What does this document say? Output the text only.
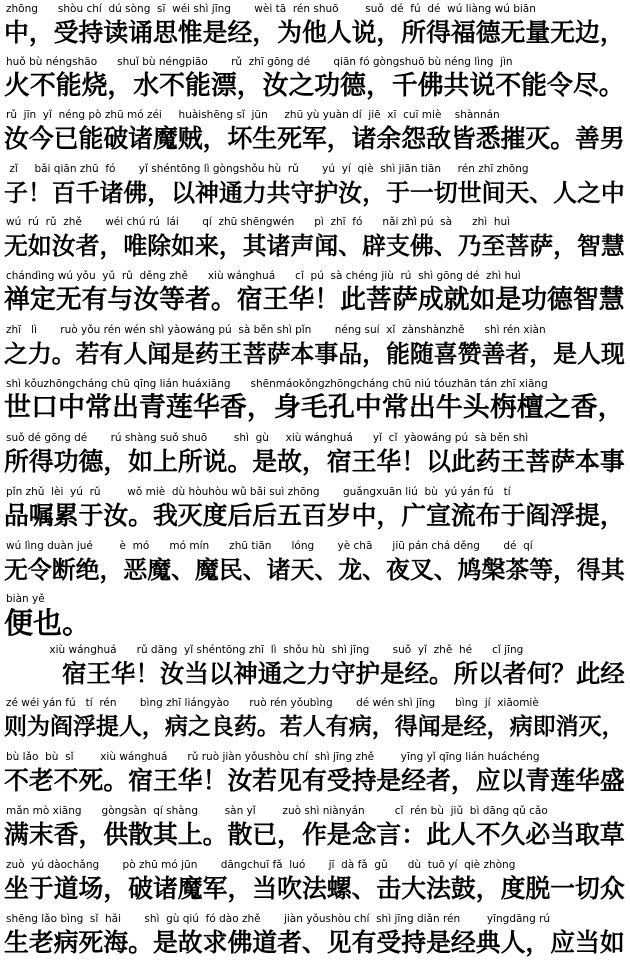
zhōng      shòu chí  dú sòng  sī  wéi shì jīng       wèi tā  rén shuō        suǒ  dé  fú  dé  wú liàng wú biān
中，受持读诵思惟是经，为他人说，所得福德无量无边，
huǒ bù néngshāo      shuǐ bù néngpiāo       rǔ  zhī gōng dé       qiān fó gòngshuō bù néng lìng  jìn
火不能烧，水不能漂，汝之功德，千佛共说不能令尽。
rǔ  jīn  yǐ  néng pò zhū mó zéi     huàishēng sǐ  jūn     zhū yù yuàn dí  jiē  xī  cuī miè    shànnán
汝今已能破诸魔贼，坏生死军，诸余怨敌皆悉摧灭。善男
zǐ     bǎi qiān zhū  fó       yǐ shéntōng lì gòngshǒu hù  rǔ       yú  yí  qiè  shì jiān tiān     rén zhī zhōng
子！百千诸佛，以神通力共守护汝，于一切世间天、人之中
wú  rú  rǔ  zhě       wéi chú rú  lái       qí  zhū shēngwén      pì  zhī  fó      nǎi zhì pú  sà      zhì  huì
无如汝者，唯除如来，其诸声闻、辟支佛、乃至菩萨，智慧
chándìng wú yǒu  yǔ  rǔ  děng zhě      xiù wánghuá      cǐ  pú  sà chéng jiù  rú  shì gōng dé  zhì huì
禅定无有与汝等者。宿王华！此菩萨成就如是功德智慧
zhī   lì       ruò yǒu rén wén shì yàowáng pú  sà běn shì pǐn       néng suí  xǐ  zànshànzhě      shì rén xiàn
之力。若有人闻是药王菩萨本事品，能随喜赞善者，是人现
shì kǒuzhōngcháng chū qīng lián huáxiāng      shēnmáokǒngzhōngcháng chū niú tóuzhān tán zhī xiāng
世口中常出青莲华香，身毛孔中常出牛头栴檀之香，
suǒ dé gōng dé       rú shàng suǒ shuō        shì  gù     xiù wánghuá      yǐ  cǐ  yàowáng pú  sà běn shì
所得功德，如上所说。是故，宿王华！以此药王菩萨本事
pǐn zhǔ  lèi  yú  rǔ        wǒ miè  dù hòuhòu wǔ bǎi suì zhōng       guǎngxuān liú  bù  yú yán fú   tí
品嘱累于汝。我灭度后后五百岁中，广宣流布于阎浮提，
wú lìng duàn jué        è  mó      mó mín      zhū tiān      lóng       yè chā      jiū pán chá děng       dé  qí
无令断绝，恶魔、魔民、诸天、龙、夜叉、鸠槃茶等，得其
biàn yě
便也。
xiù wánghuá      rǔ dāng  yǐ shéntōng zhī  lì  shǒu hù  shì jīng       suǒ  yǐ  zhě  hé      cǐ jīng
宿王华！汝当以神通之力守护是经。所以者何？此经
zé wéi yán fú   tí  rén       bìng zhī liángyào      ruò rén yǒubìng       dé wén shì jīng      bìng  jí  xiāomiè
则为阎浮提人，病之良药。若人有病，得闻是经，病即消灭，
bù lǎo  bù  sǐ        xiù wánghuá      rǔ ruò jiàn yǒushòu chí  shì jīng zhě        yīng yǐ qīng lián huáchéng
不老不死。宿王华！汝若见有受持是经者，应以青莲华盛
mǎn mò xiāng      gòngsàn  qí shàng        sàn yǐ        zuò shì niànyán         cǐ  rén bù  jiǔ  bì dāng qǔ cǎo
满末香，供散其上。散已，作是念言：此人不久必当取草
zuò  yú dàochǎng       pò zhū mó jūn       dāngchuī fǎ  luó       jī  dà fǎ  gǔ      dù  tuō yí  qiè zhòng
坐于道场，破诸魔军，当吹法螺、击大法鼓，度脱一切众
shēng lǎo bìng  sǐ  hǎi       shì  gù qiú  fó dào zhě       jiàn yǒushòu chí  shì jīng diǎn rén        yīngdāng rú
生老病死海。是故求佛道者、见有受持是经典人，应当如
